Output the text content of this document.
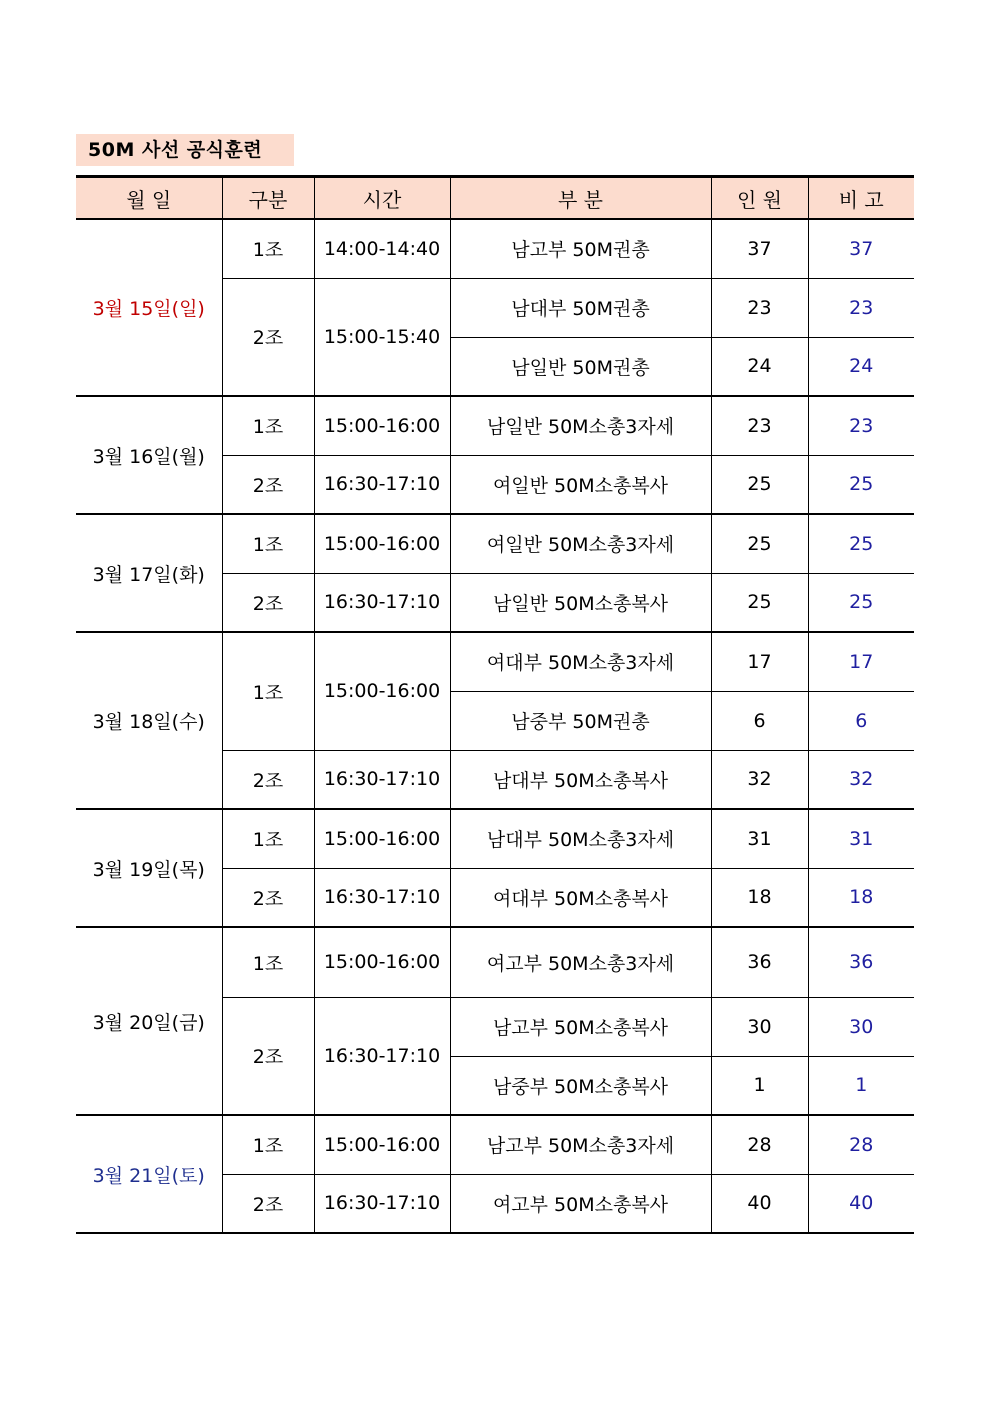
50M 사선 공식훈련
월 일	구분	시간	부 분	인 원	비 고
3월 15일(일)	1조	14:00-14:40	남고부 50M권총	37	37
	2조	15:00-15:40	남대부 50M권총	23	23
			남일반 50M권총	24	24
3월 16일(월)	1조	15:00-16:00	남일반 50M소총3자세	23	23
	2조	16:30-17:10	여일반 50M소총복사	25	25
3월 17일(화)	1조	15:00-16:00	여일반 50M소총3자세	25	25
	2조	16:30-17:10	남일반 50M소총복사	25	25
3월 18일(수)	1조	15:00-16:00	여대부 50M소총3자세	17	17
			남중부 50M권총	6	6
	2조	16:30-17:10	남대부 50M소총복사	32	32
3월 19일(목)	1조	15:00-16:00	남대부 50M소총3자세	31	31
	2조	16:30-17:10	여대부 50M소총복사	18	18
3월 20일(금)	1조	15:00-16:00	여고부 50M소총3자세	36	36
	2조	16:30-17:10	남고부 50M소총복사	30	30
			남중부 50M소총복사	1	1
3월 21일(토)	1조	15:00-16:00	남고부 50M소총3자세	28	28
	2조	16:30-17:10	여고부 50M소총복사	40	40
